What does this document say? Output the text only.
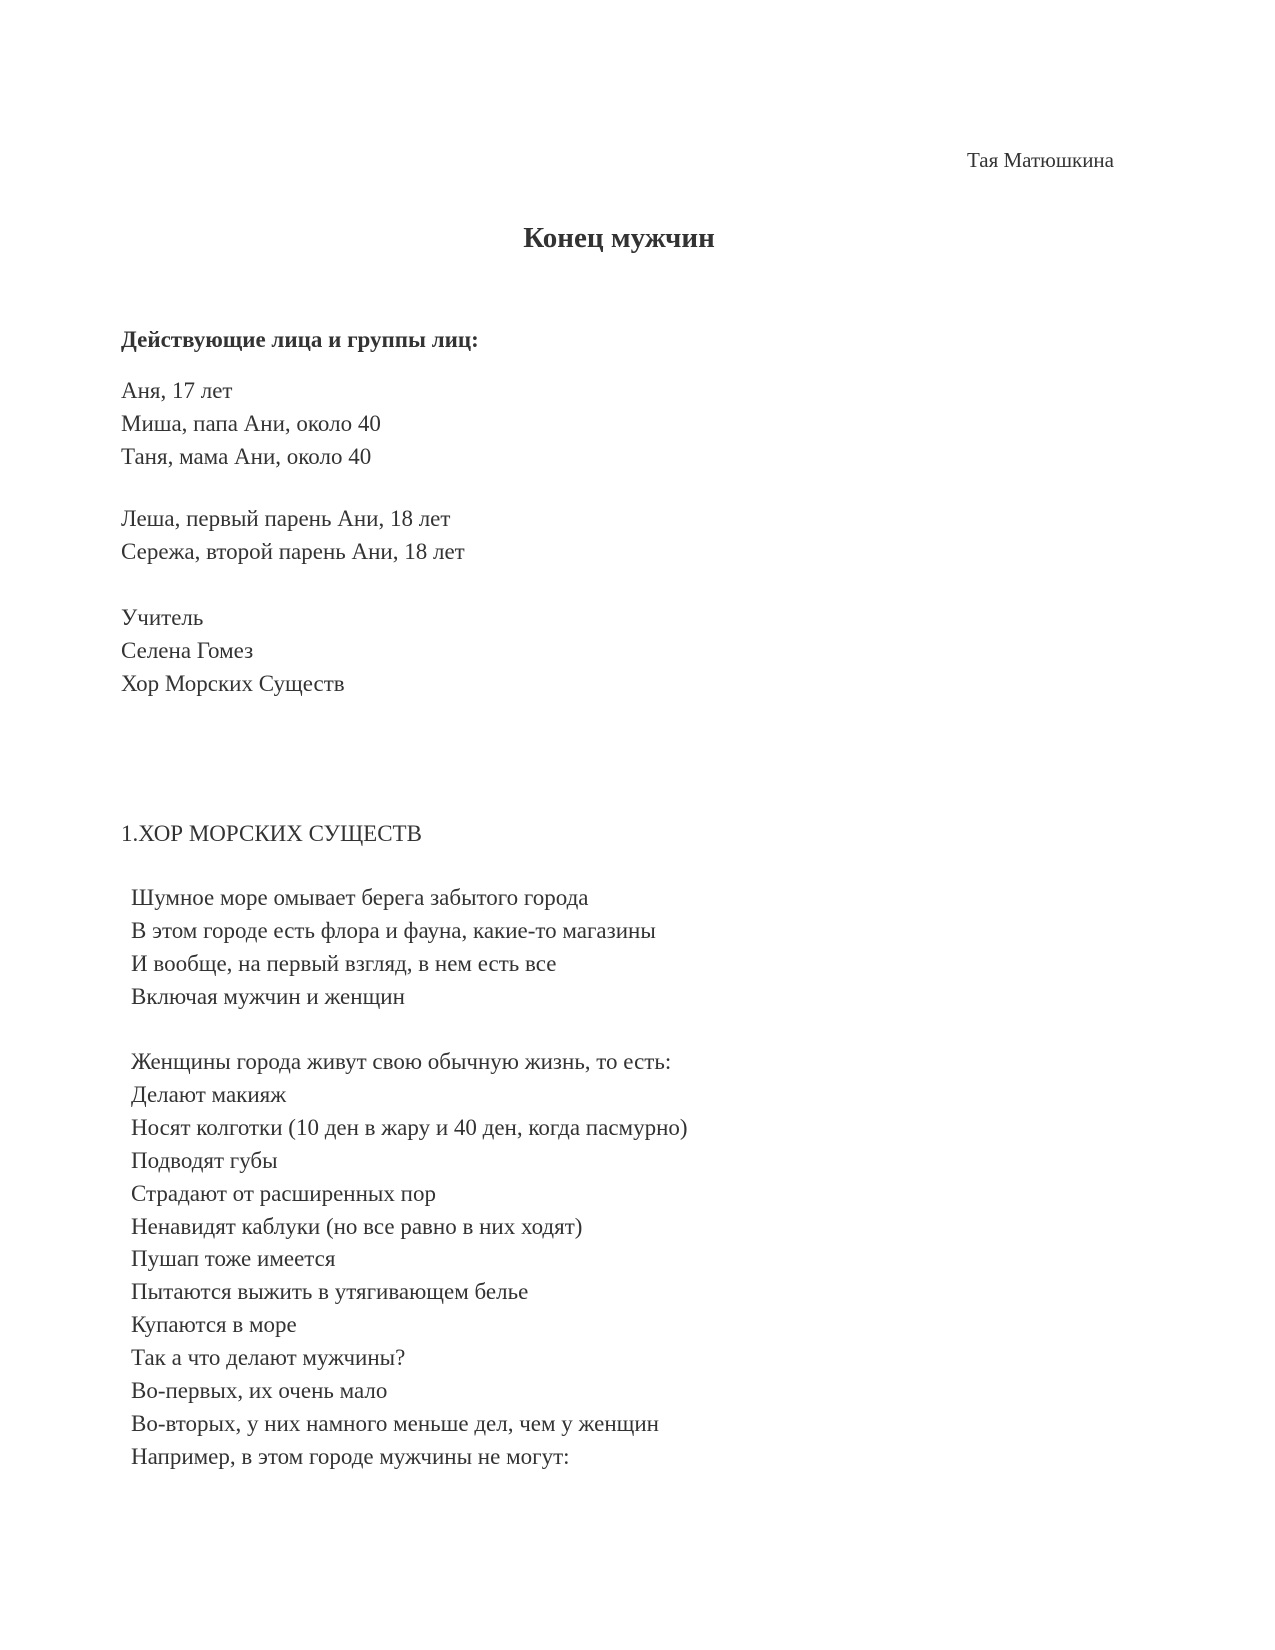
Тая Матюшкина
Конец мужчин
Действующие лица и группы лиц:
Аня, 17 лет
Миша, папа Ани, около 40
Таня, мама Ани, около 40
Леша, первый парень Ани, 18 лет
Сережа, второй парень Ани, 18 лет
Учитель
Селена Гомез
Хор Морских Существ
1.ХОР МОРСКИХ СУЩЕСТВ
Шумное море омывает берега забытого города
В этом городе есть флора и фауна, какие-то магазины
И вообще, на первый взгляд, в нем есть все
Включая мужчин и женщин
Женщины города живут свою обычную жизнь, то есть:
Делают макияж
Носят колготки (10 ден в жару и 40 ден, когда пасмурно)
Подводят губы
Страдают от расширенных пор
Ненавидят каблуки (но все равно в них ходят)
Пушап тоже имеется
Пытаются выжить в утягивающем белье
Купаются в море
Так а что делают мужчины?
Во-первых, их очень мало
Во-вторых, у них намного меньше дел, чем у женщин
Например, в этом городе мужчины не могут:
